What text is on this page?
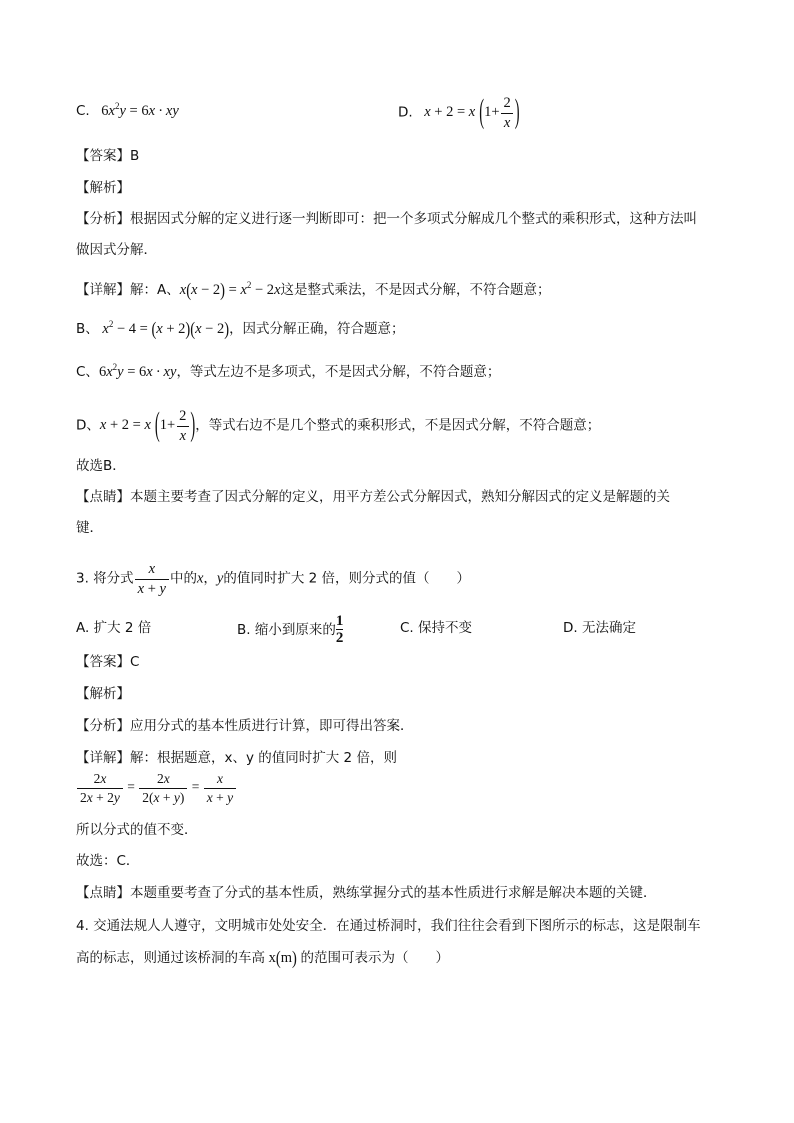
C. $6x^2y = 6x$ · xy	D.   x + 2 = x ($1+ \frac{2}{x}$ )
【答案】B
【解析】
【分析】根据因式分解的定义进行逐一判断即可：把一个多项式分解成几个整式的乘积形式，这种方法叫
做因式分解．
【详解】解：A、$x(x - 2) = x^2 - 2x$这是整式乘法，不是因式分解，不符合题意；
B、 $x^2 - 4 = (x + 2)(x - 2)$，因式分解正确，符合题意；
C、$6x^2y = 6x$ · xy，等式左边不是多项式，不是因式分解，不符合题意；
D、x + 2 = x ($1+ \frac{2}{x}$ )，等式右边不是几个整式的乘积形式，不是因式分解，不符合题意；
故选B．
【点睛】本题主要考查了因式分解的定义，用平方差公式分解因式，熟知分解因式的定义是解题的关
键．
3. 将分式 $\frac{x}{x + y}$ 中的x，y的值同时扩大 2 倍，则分式的值（　　）
A. 扩大 2 倍	B. 缩小到原来的 $\frac{1}{2}$	C. 保持不变	D. 无法确定
【答案】C
【解析】
【分析】应用分式的基本性质进行计算，即可得出答案．
【详解】解：根据题意，x、y 的值同时扩大 2 倍，则
$\frac{2x}{2x + 2y} = \frac{2x}{2(x + y)} = \frac{x}{x + y}$
所以分式的值不变．
故选：C．
【点睛】本题重要考查了分式的基本性质，熟练掌握分式的基本性质进行求解是解决本题的关键．
4. 交通法规人人遵守，文明城市处处安全．在通过桥洞时，我们往往会看到下图所示的标志，这是限制车
高的标志，则通过该桥洞的车高 x(m) 的范围可表示为（　　）
